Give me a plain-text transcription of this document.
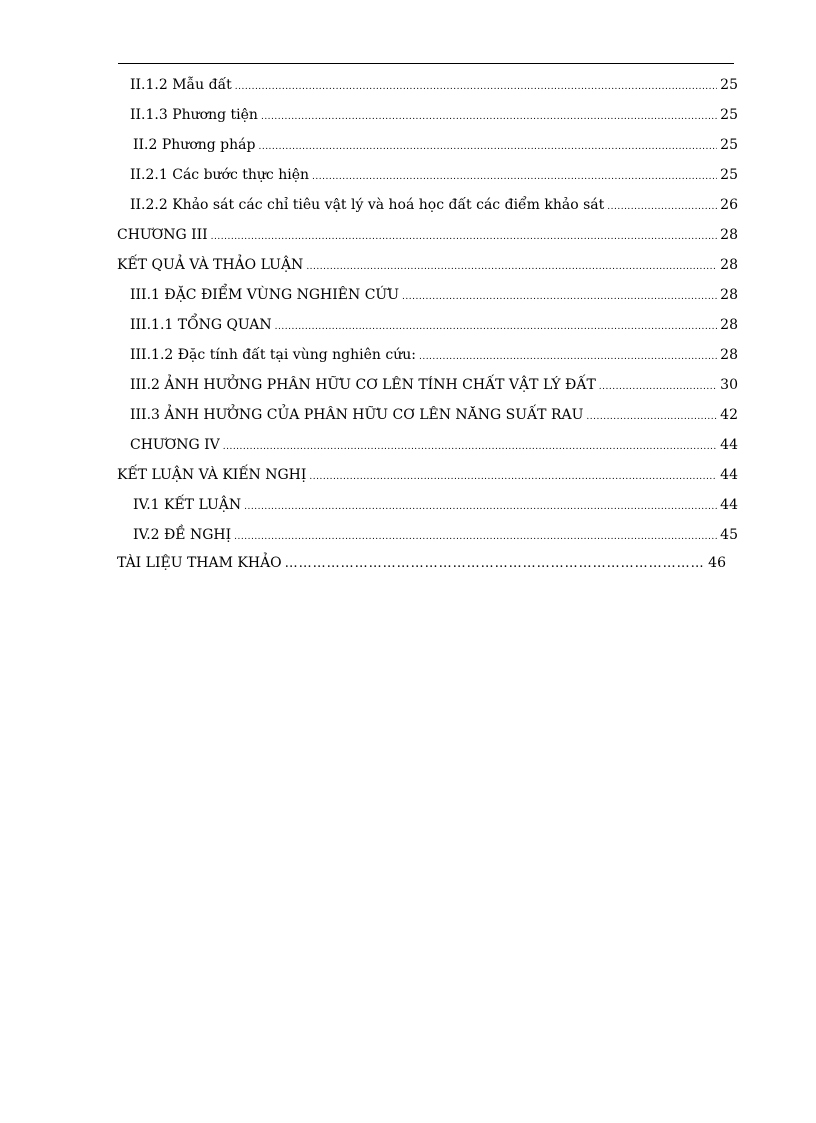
II.1.2 Mẫu đất .....	25
II.1.3 Phương tiện .....	25
II.2 Phương pháp .....	25
II.2.1 Các bước thực hiện .....	25
II.2.2 Khảo sát các chỉ tiêu vật lý và hoá học đất các điểm khảo sát .....	26
CHƯƠNG III .....	28
KẾT QUẢ VÀ THẢO LUẬN .....	28
III.1 ĐẶC ĐIỂM VÙNG NGHIÊN CỨU .....	28
III.1.1 TỔNG QUAN .....	28
III.1.2 Đặc tính đất tại vùng nghiên cứu: .....	28
III.2 ẢNH HƯỞNG PHÂN HỮU CƠ LÊN TÍNH CHẤT VẬT LÝ ĐẤT .....	30
III.3 ẢNH HƯỞNG CỦA PHÂN HỮU CƠ LÊN NĂNG SUẤT RAU .....	42
CHƯƠNG IV .....	44
KẾT LUẬN VÀ KIẾN NGHỊ .....	44
IV.1 KẾT LUẬN .....	44
IV.2 ĐỀ NGHỊ .....	45
TÀI LIỆU THAM KHẢO ……………………………………………………………………………………………………………………	46
